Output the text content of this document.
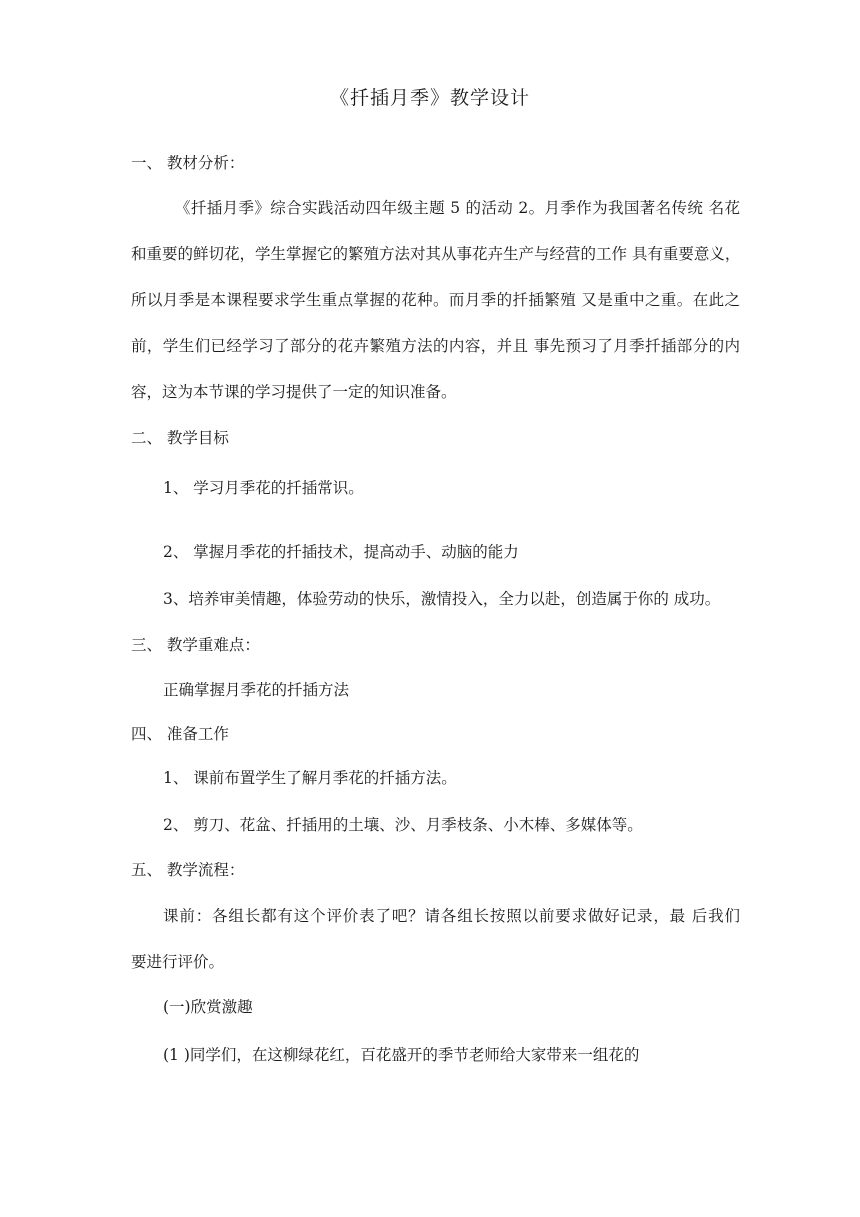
《扦插月季》教学设计
一、 教材分析：
《扦插月季》综合实践活动四年级主题 5 的活动 2。月季作为我国著名传统 名花
和重要的鲜切花，学生掌握它的繁殖方法对其从事花卉生产与经营的工作 具有重要意义，
所以月季是本课程要求学生重点掌握的花种。而月季的扦插繁殖 又是重中之重。在此之
前，学生们已经学习了部分的花卉繁殖方法的内容，并且 事先预习了月季扦插部分的内
容，这为本节课的学习提供了一定的知识准备。
二、 教学目标
1、 学习月季花的扦插常识。
2、 掌握月季花的扦插技术，提高动手、动脑的能力
3、培养审美情趣，体验劳动的快乐，激情投入，全力以赴，创造属于你的 成功。
三、 教学重难点：
正确掌握月季花的扦插方法
四、 准备工作
1、 课前布置学生了解月季花的扦插方法。
2、 剪刀、花盆、扦插用的土壤、沙、月季枝条、小木棒、多媒体等。
五、 教学流程：
课前：各组长都有这个评价表了吧？请各组长按照以前要求做好记录，最 后我们
要进行评价。
(一)欣赏激趣
(1 )同学们，在这柳绿花红，百花盛开的季节老师给大家带来一组花的
